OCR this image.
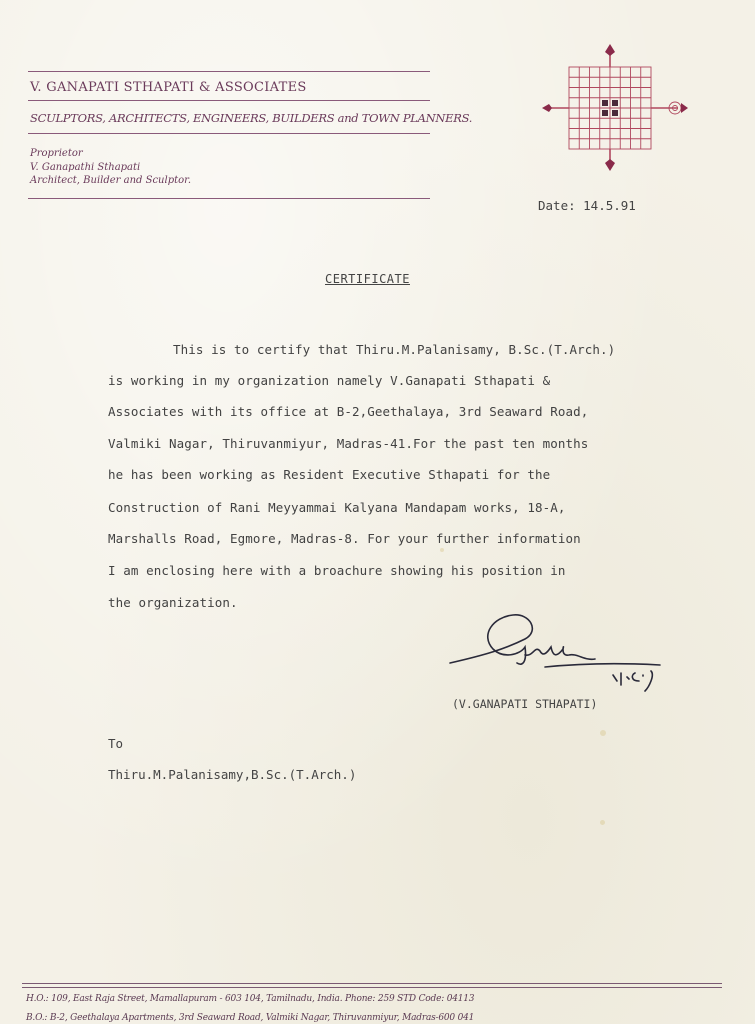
V. GANAPATI STHAPATI & ASSOCIATES
SCULPTORS, ARCHITECTS, ENGINEERS, BUILDERS and TOWN PLANNERS.
Proprietor
V. Ganapathi Sthapati
Architect, Builder and Sculptor.
Date: 14.5.91
CERTIFICATE
This is to certify that Thiru.M.Palanisamy, B.Sc.(T.Arch.)
is working in my organization namely V.Ganapati Sthapati &
Associates with its office at B-2,Geethalaya, 3rd Seaward Road,
Valmiki Nagar, Thiruvanmiyur, Madras-41.For the past ten months
he has been working as Resident Executive Sthapati for the
Construction of Rani Meyyammai Kalyana Mandapam works, 18-A,
Marshalls Road, Egmore, Madras-8. For your further information
I am enclosing here with a broachure showing his position in
the organization.
(V.GANAPATI STHAPATI)
To
Thiru.M.Palanisamy,B.Sc.(T.Arch.)
H.O.: 109, East Raja Street, Mamallapuram - 603 104, Tamilnadu, India. Phone: 259 STD Code: 04113
B.O.: B-2, Geethalaya Apartments, 3rd Seaward Road, Valmiki Nagar, Thiruvanmiyur, Madras-600 041
